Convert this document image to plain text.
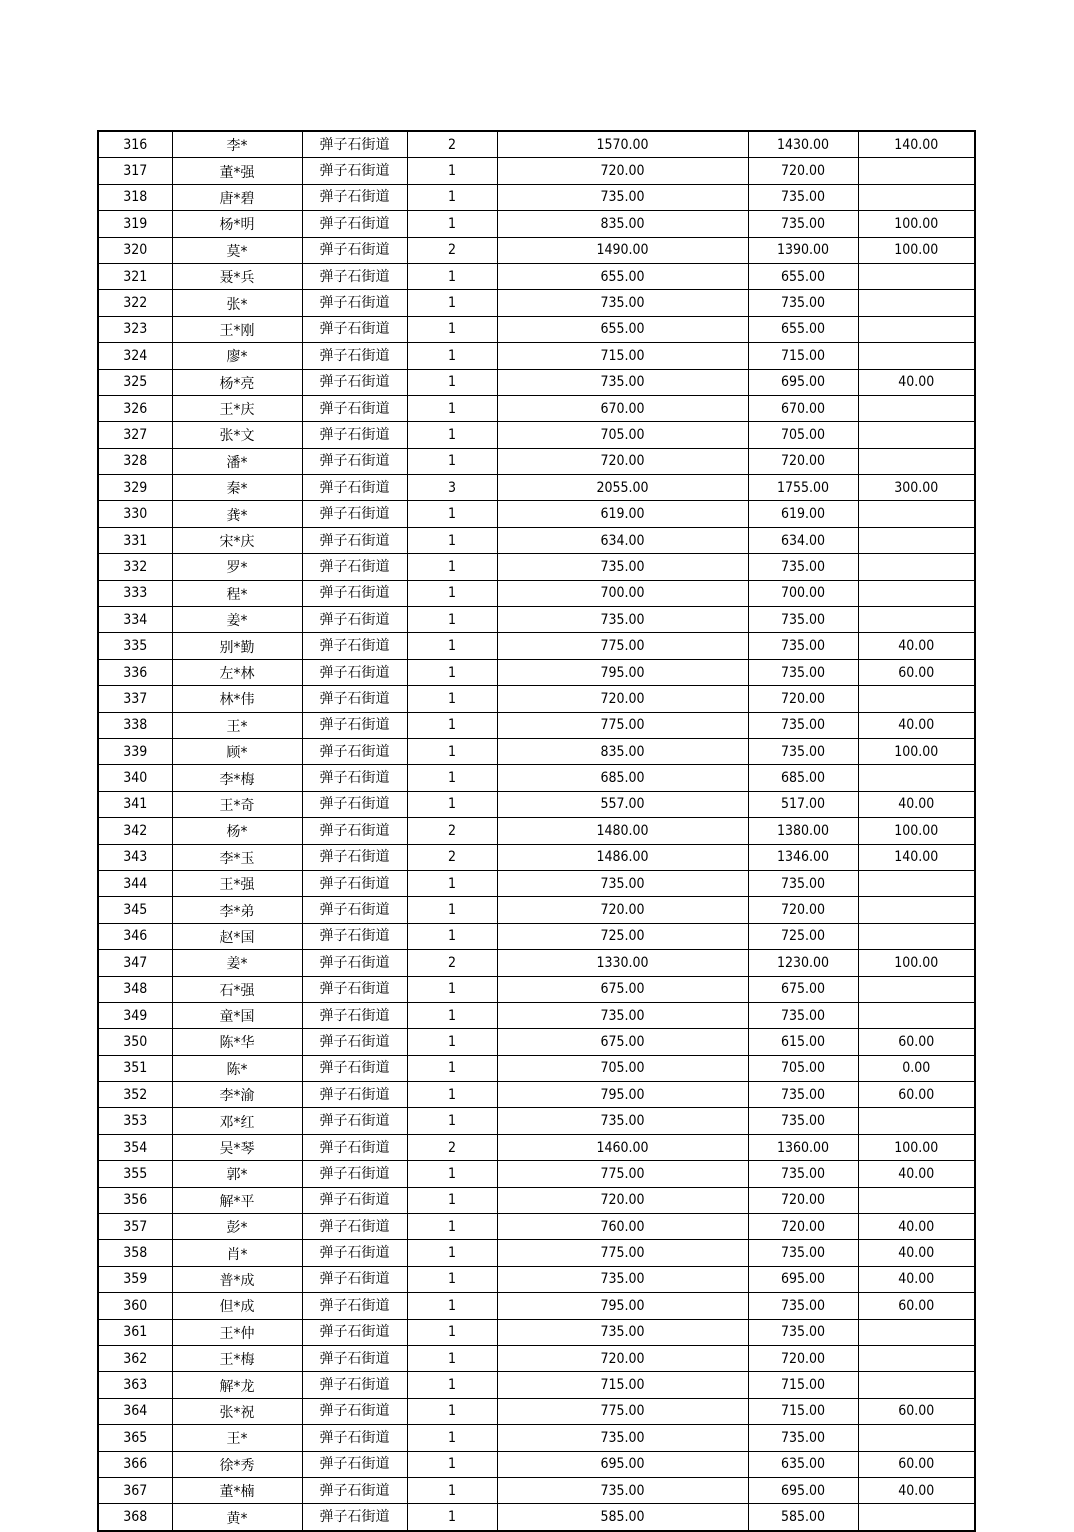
316	李*	弹子石街道	2	1570.00	1430.00	140.00
317	董*强	弹子石街道	1	720.00	720.00	
318	唐*碧	弹子石街道	1	735.00	735.00	
319	杨*明	弹子石街道	1	835.00	735.00	100.00
320	莫*	弹子石街道	2	1490.00	1390.00	100.00
321	聂*兵	弹子石街道	1	655.00	655.00	
322	张*	弹子石街道	1	735.00	735.00	
323	王*刚	弹子石街道	1	655.00	655.00	
324	廖*	弹子石街道	1	715.00	715.00	
325	杨*亮	弹子石街道	1	735.00	695.00	40.00
326	王*庆	弹子石街道	1	670.00	670.00	
327	张*文	弹子石街道	1	705.00	705.00	
328	潘*	弹子石街道	1	720.00	720.00	
329	秦*	弹子石街道	3	2055.00	1755.00	300.00
330	龚*	弹子石街道	1	619.00	619.00	
331	宋*庆	弹子石街道	1	634.00	634.00	
332	罗*	弹子石街道	1	735.00	735.00	
333	程*	弹子石街道	1	700.00	700.00	
334	姜*	弹子石街道	1	735.00	735.00	
335	别*勤	弹子石街道	1	775.00	735.00	40.00
336	左*林	弹子石街道	1	795.00	735.00	60.00
337	林*伟	弹子石街道	1	720.00	720.00	
338	王*	弹子石街道	1	775.00	735.00	40.00
339	顾*	弹子石街道	1	835.00	735.00	100.00
340	李*梅	弹子石街道	1	685.00	685.00	
341	王*奇	弹子石街道	1	557.00	517.00	40.00
342	杨*	弹子石街道	2	1480.00	1380.00	100.00
343	李*玉	弹子石街道	2	1486.00	1346.00	140.00
344	王*强	弹子石街道	1	735.00	735.00	
345	李*弟	弹子石街道	1	720.00	720.00	
346	赵*国	弹子石街道	1	725.00	725.00	
347	姜*	弹子石街道	2	1330.00	1230.00	100.00
348	石*强	弹子石街道	1	675.00	675.00	
349	童*国	弹子石街道	1	735.00	735.00	
350	陈*华	弹子石街道	1	675.00	615.00	60.00
351	陈*	弹子石街道	1	705.00	705.00	0.00
352	李*渝	弹子石街道	1	795.00	735.00	60.00
353	邓*红	弹子石街道	1	735.00	735.00	
354	吴*琴	弹子石街道	2	1460.00	1360.00	100.00
355	郭*	弹子石街道	1	775.00	735.00	40.00
356	解*平	弹子石街道	1	720.00	720.00	
357	彭*	弹子石街道	1	760.00	720.00	40.00
358	肖*	弹子石街道	1	775.00	735.00	40.00
359	普*成	弹子石街道	1	735.00	695.00	40.00
360	但*成	弹子石街道	1	795.00	735.00	60.00
361	王*仲	弹子石街道	1	735.00	735.00	
362	王*梅	弹子石街道	1	720.00	720.00	
363	解*龙	弹子石街道	1	715.00	715.00	
364	张*祝	弹子石街道	1	775.00	715.00	60.00
365	王*	弹子石街道	1	735.00	735.00	
366	徐*秀	弹子石街道	1	695.00	635.00	60.00
367	董*楠	弹子石街道	1	735.00	695.00	40.00
368	黄*	弹子石街道	1	585.00	585.00	
